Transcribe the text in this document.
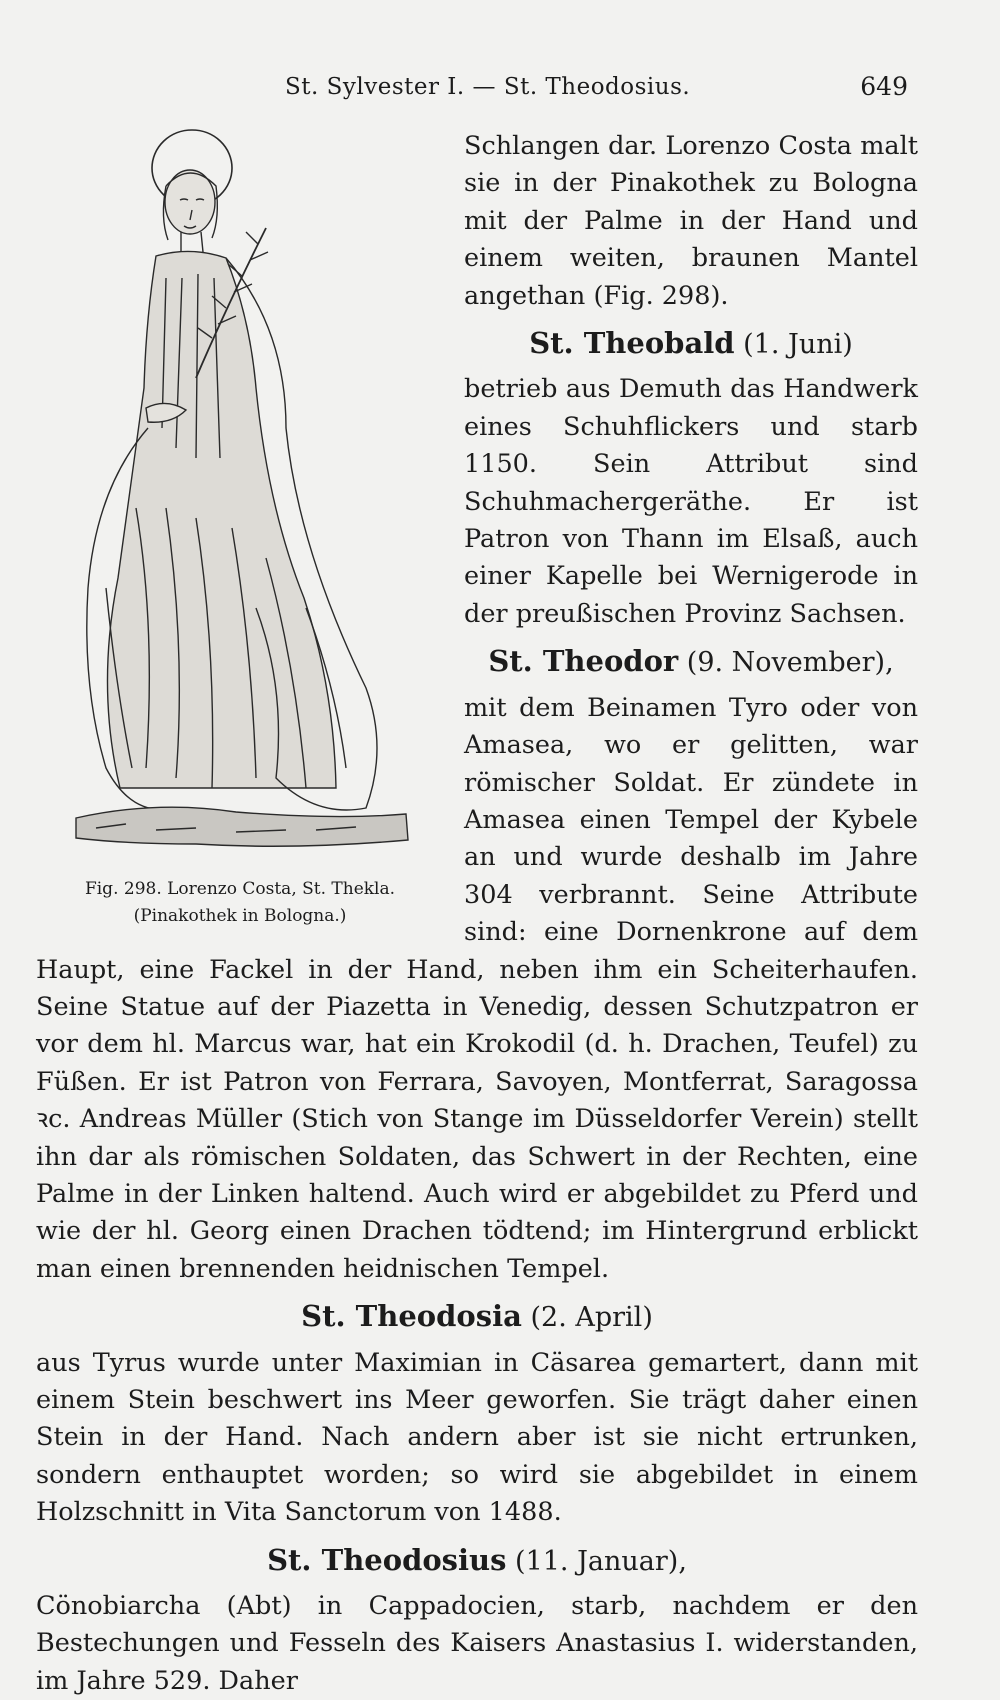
St. Sylvester I. — St. Theodosius.	649
Fig. 298. Lorenzo Costa, St. Thekla.
(Pinakothek in Bologna.)

Schlangen dar. Lorenzo Costa malt sie in der Pinakothek zu Bologna mit der Palme in der Hand und einem weiten, braunen Mantel angethan (Fig. 298).

St. Theobald (1. Juni)

betrieb aus Demuth das Handwerk eines Schuhflickers und starb 1150. Sein Attribut sind Schuhmachergeräthe. Er ist Patron von Thann im Elsaß, auch einer Kapelle bei Wernigerode in der preußischen Provinz Sachsen.

St. Theodor (9. November),

mit dem Beinamen Tyro oder von Amasea, wo er gelitten, war römischer Soldat. Er zündete in Amasea einen Tempel der Kybele an und wurde deshalb im Jahre 304 verbrannt. Seine Attribute sind: eine Dornenkrone auf dem Haupt, eine Fackel in der Hand, neben ihm ein Scheiterhaufen. Seine Statue auf der Piazetta in Venedig, dessen Schutzpatron er vor dem hl. Marcus war, hat ein Krokodil (d. h. Drachen, Teufel) zu Füßen. Er ist Patron von Ferrara, Savoyen, Montferrat, Saragossa ꝛc. Andreas Müller (Stich von Stange im Düsseldorfer Verein) stellt ihn dar als römischen Soldaten, das Schwert in der Rechten, eine Palme in der Linken haltend. Auch wird er abgebildet zu Pferd und wie der hl. Georg einen Drachen tödtend; im Hintergrund erblickt man einen brennenden heidnischen Tempel.

St. Theodosia (2. April)

aus Tyrus wurde unter Maximian in Cäsarea gemartert, dann mit einem Stein beschwert ins Meer geworfen. Sie trägt daher einen Stein in der Hand. Nach andern aber ist sie nicht ertrunken, sondern enthauptet worden; so wird sie abgebildet in einem Holzschnitt in Vita Sanctorum von 1488.

St. Theodosius (11. Januar),

Cönobiarcha (Abt) in Cappadocien, starb, nachdem er den Bestechungen und Fesseln des Kaisers Anastasius I. widerstanden, im Jahre 529. Daher
